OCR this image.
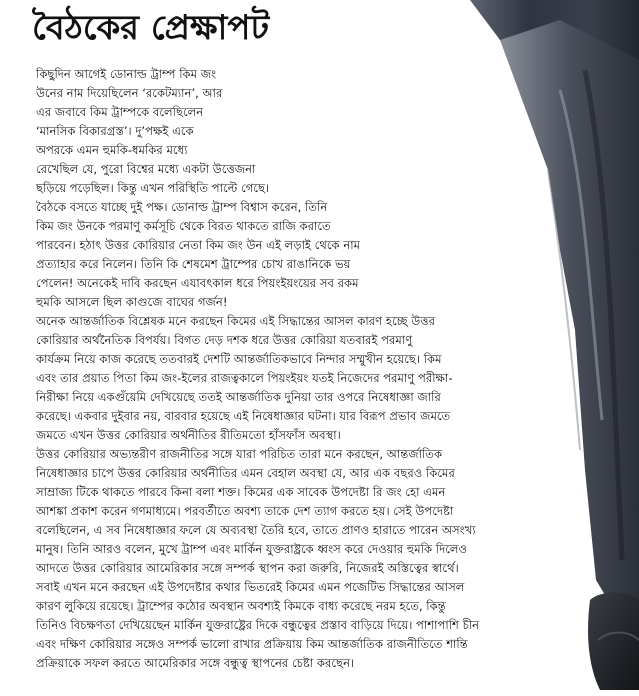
বৈঠকের প্রেক্ষাপট

কিছুদিন আগেই ডোনাল্ড ট্রাম্প কিম জং

উনের নাম দিয়েছিলেন ‘রকেটম্যান’, আর

এর জবাবে কিম ট্রাম্পকে বলেছিলেন

‘মানসিক বিকারগ্রস্ত’। দু’পক্ষই একে

অপরকে এমন হুমকি-ধমকির মধ্যে

রেখেছিল যে, পুরো বিশ্বের মধ্যে একটা উত্তেজনা

ছড়িয়ে পড়েছিল। কিন্তু এখন পরিস্থিতি পাল্টে গেছে।

বৈঠকে বসতে যাচ্ছে দুই পক্ষ। ডোনাল্ড ট্রাম্প বিশ্বাস করেন, তিনি

কিম জং উনকে পরমাণু কর্মসূচি থেকে বিরত থাকতে রাজি করাতে

পারবেন। হঠাৎ উত্তর কোরিয়ার নেতা কিম জং উন এই লড়াই থেকে নাম

প্রত্যাহার করে নিলেন। তিনি কি শেষমেশ ট্রাম্পের চোখ রাঙানিকে ভয়

পেলেন! অনেকেই দাবি করছেন এযাবৎকাল ধরে পিয়ংইয়ংয়ের সব রকম

হুমকি আসলে ছিল কাগুজে বাঘের গর্জন!

অনেক আন্তর্জাতিক বিশ্লেষক মনে করছেন কিমের এই সিদ্ধান্তের আসল কারণ হচ্ছে উত্তর

কোরিয়ার অর্থনৈতিক বিপর্যয়। বিগত দেড় দশক ধরে উত্তর কোরিয়া যতবারই পরমাণু

কার্যক্রম নিয়ে কাজ করেছে ততবারই দেশটি আন্তর্জাতিকভাবে নিন্দার সম্মুখীন হয়েছে। কিম

এবং তার প্রয়াত পিতা কিম জং-ইলের রাজত্বকালে পিয়ংইয়ং যতই নিজেদের পরমাণু পরীক্ষা-

নিরীক্ষা নিয়ে একগুঁয়েমি দেখিয়েছে ততই আন্তর্জাতিক দুনিয়া তার ওপরে নিষেধাজ্ঞা জারি

করেছে। একবার দুইবার নয়, বারবার হয়েছে এই নিষেধাজ্ঞার ঘটনা। যার বিরূপ প্রভাব জমতে

জমতে এখন উত্তর কোরিয়ার অর্থনীতির রীতিমতো হাঁসফাঁস অবস্থা।

উত্তর কোরিয়ার অভ্যন্তরীণ রাজনীতির সঙ্গে যারা পরিচিত তারা মনে করছেন, আন্তর্জাতিক

নিষেধাজ্ঞার চাপে উত্তর কোরিয়ার অর্থনীতির এমন বেহাল অবস্থা যে, আর এক বছরও কিমের

সাম্রাজ্য টিকে থাকতে পারবে কিনা বলা শক্ত। কিমের এক সাবেক উপদেষ্টা রি জং হো এমন

আশঙ্কা প্রকাশ করেন গণমাধ্যমে। পরবর্তীতে অবশ্য তাকে দেশ ত্যাগ করতে হয়। সেই উপদেষ্টা

বলেছিলেন, এ সব নিষেধাজ্ঞার ফলে যে অব্যবস্থা তৈরি হবে, তাতে প্রাণও হারাতে পারেন অসংখ্য

মানুষ। তিনি আরও বলেন, মুখে ট্রাম্প এবং মার্কিন যুক্তরাষ্ট্রকে ধ্বংস করে দেওয়ার হুমকি দিলেও

আদতে উত্তর কোরিয়ার আমেরিকার সঙ্গে সম্পর্ক স্থাপন করা জরুরি, নিজেরই অস্তিত্বের স্বার্থে।

সবাই এখন মনে করছেন এই উপদেষ্টার কথার ভিতরেই কিমের এমন পজেটিভ সিদ্ধান্তের আসল

কারণ লুকিয়ে রয়েছে। ট্রাম্পের কঠোর অবস্থান অবশ্যই কিমকে বাধ্য করেছে নরম হতে, কিন্তু

তিনিও বিচক্ষণতা দেখিয়েছেন মার্কিন যুক্তরাষ্ট্রের দিকে বন্ধুত্বের প্রস্তাব বাড়িয়ে দিয়ে। পাশাপাশি চীন

এবং দক্ষিণ কোরিয়ার সঙ্গেও সম্পর্ক ভালো রাখার প্রক্রিয়ায় কিম আন্তর্জাতিক রাজনীতিতে শান্তি

প্রক্রিয়াকে সফল করতে আমেরিকার সঙ্গে বন্ধুত্ব স্থাপনের চেষ্টা করছেন।
